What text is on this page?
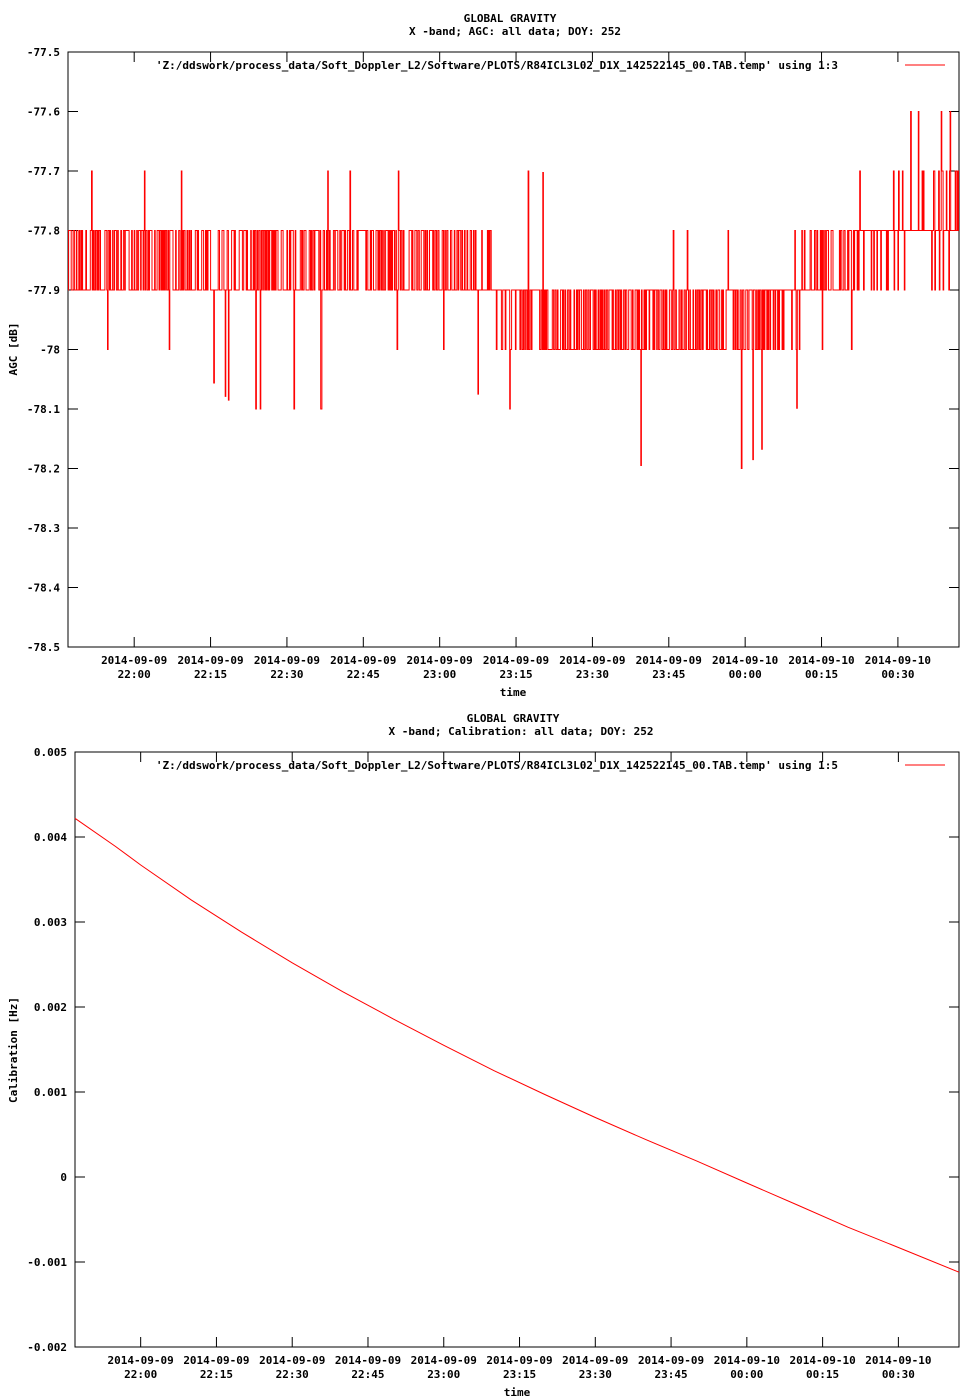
GLOBAL GRAVITY
X -band; AGC: all data; DOY: 252
-77.5
-77.6
-77.7
-77.8
-77.9
-78
-78.1
-78.2
-78.3
-78.4
-78.5
2014-09-09
22:00
2014-09-09
22:15
2014-09-09
22:30
2014-09-09
22:45
2014-09-09
23:00
2014-09-09
23:15
2014-09-09
23:30
2014-09-09
23:45
2014-09-10
00:00
2014-09-10
00:15
2014-09-10
00:30
'Z:/ddswork/process_data/Soft_Doppler_L2/Software/PLOTS/R84ICL3L02_D1X_142522145_00.TAB.temp' using 1:3
time
AGC [dB]
GLOBAL GRAVITY
X -band; Calibration: all data; DOY: 252
0.005
0.004
0.003
0.002
0.001
0
-0.001
-0.002
2014-09-09
22:00
2014-09-09
22:15
2014-09-09
22:30
2014-09-09
22:45
2014-09-09
23:00
2014-09-09
23:15
2014-09-09
23:30
2014-09-09
23:45
2014-09-10
00:00
2014-09-10
00:15
2014-09-10
00:30
'Z:/ddswork/process_data/Soft_Doppler_L2/Software/PLOTS/R84ICL3L02_D1X_142522145_00.TAB.temp' using 1:5
time
Calibration [Hz]
